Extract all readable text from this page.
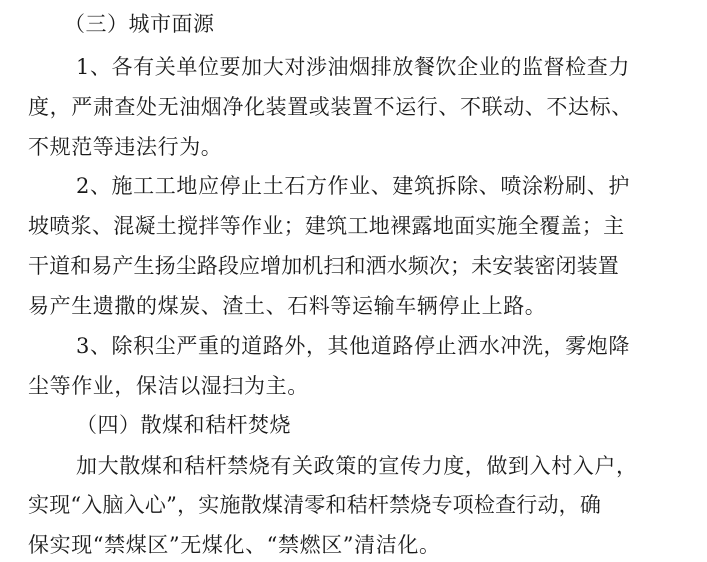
（三）城市面源
1、各有关单位要加大对涉油烟排放餐饮企业的监督检查力
度，严肃查处无油烟净化装置或装置不运行、不联动、不达标、
不规范等违法行为。
2、施工工地应停止土石方作业、建筑拆除、喷涂粉刷、护
坡喷浆、混凝土搅拌等作业；建筑工地裸露地面实施全覆盖；主
干道和易产生扬尘路段应增加机扫和洒水频次；未安装密闭装置
易产生遗撒的煤炭、渣土、石料等运输车辆停止上路。
3、除积尘严重的道路外，其他道路停止洒水冲洗，雾炮降
尘等作业，保洁以湿扫为主。
（四）散煤和秸杆焚烧
加大散煤和秸杆禁烧有关政策的宣传力度，做到入村入户，
实现“入脑入心”，实施散煤清零和秸杆禁烧专项检查行动，确
保实现“禁煤区”无煤化、“禁燃区”清洁化。
